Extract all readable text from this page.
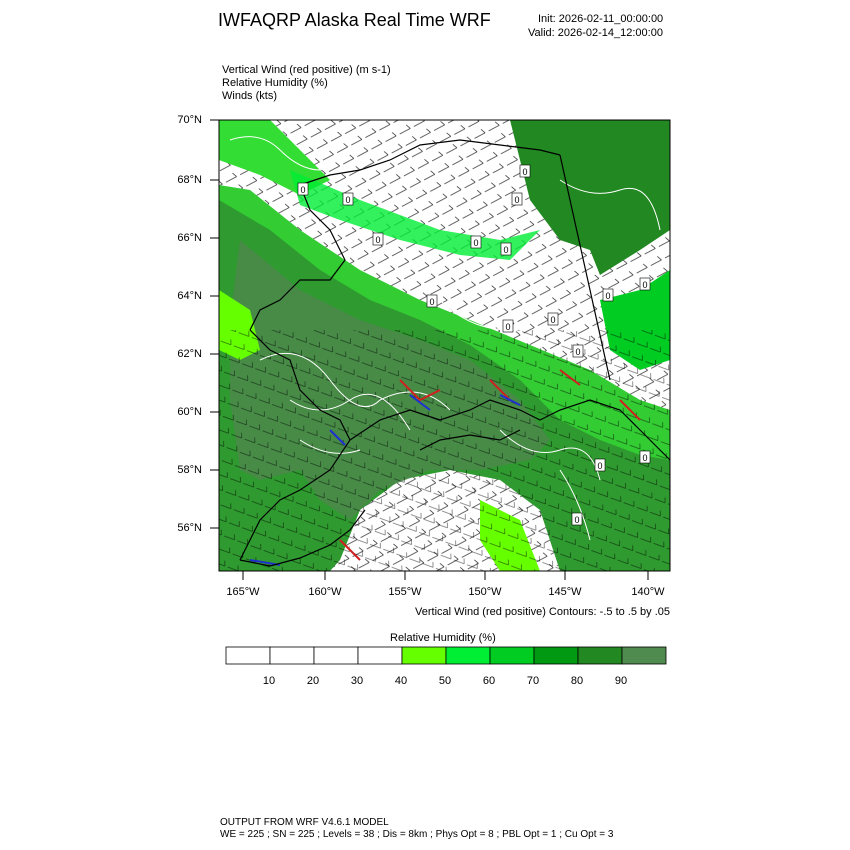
IWFAQRP Alaska Real Time WRF	Init: 2026-02-11_00:00:00
Valid: 2026-02-14_12:00:00
Vertical Wind (red positive) (m s-1)
Relative Humidity (%)
Winds (kts)
0
0
0
0	0
0
0
0
0
0
0
0
0
0
0
0
70°N
68°N
66°N
64°N
62°N
60°N
58°N
56°N
165°W	160°W	155°W	150°W	145°W	140°W
Vertical Wind (red positive) Contours: -.5 to .5 by .05
Relative Humidity (%)
10	20	30	40	50	60	70	80	90
OUTPUT FROM WRF V4.6.1 MODEL
WE = 225 ; SN = 225 ; Levels = 38 ; Dis = 8km ; Phys Opt = 8 ; PBL Opt = 1 ; Cu Opt = 3
